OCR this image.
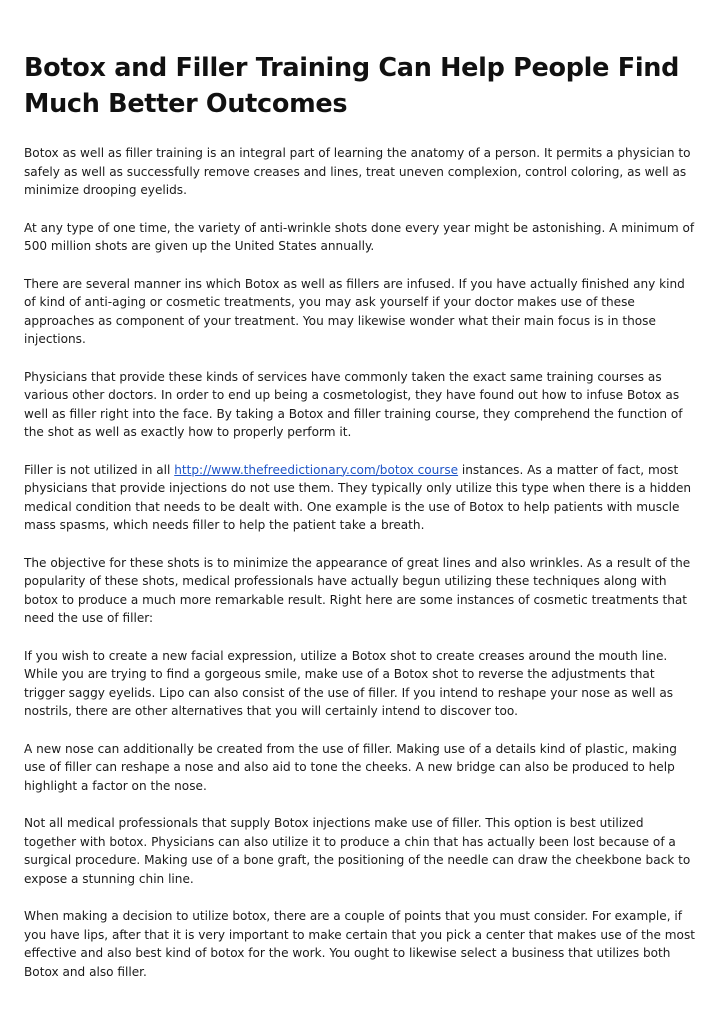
Botox and Filler Training Can Help People Find Much Better Outcomes

Botox as well as filler training is an integral part of learning the anatomy of a person. It permits a physician to safely as well as successfully remove creases and lines, treat uneven complexion, control coloring, as well as minimize drooping eyelids.

At any type of one time, the variety of anti-wrinkle shots done every year might be astonishing. A minimum of 500 million shots are given up the United States annually.

There are several manner ins which Botox as well as fillers are infused. If you have actually finished any kind of kind of anti-aging or cosmetic treatments, you may ask yourself if your doctor makes use of these approaches as component of your treatment. You may likewise wonder what their main focus is in those injections.

Physicians that provide these kinds of services have commonly taken the exact same training courses as various other doctors. In order to end up being a cosmetologist, they have found out how to infuse Botox as well as filler right into the face. By taking a Botox and filler training course, they comprehend the function of the shot as well as exactly how to properly perform it.

Filler is not utilized in all http://www.thefreedictionary.com/botox course instances. As a matter of fact, most physicians that provide injections do not use them. They typically only utilize this type when there is a hidden medical condition that needs to be dealt with. One example is the use of Botox to help patients with muscle mass spasms, which needs filler to help the patient take a breath.

The objective for these shots is to minimize the appearance of great lines and also wrinkles. As a result of the popularity of these shots, medical professionals have actually begun utilizing these techniques along with botox to produce a much more remarkable result. Right here are some instances of cosmetic treatments that need the use of filler:

If you wish to create a new facial expression, utilize a Botox shot to create creases around the mouth line. While you are trying to find a gorgeous smile, make use of a Botox shot to reverse the adjustments that trigger saggy eyelids. Lipo can also consist of the use of filler. If you intend to reshape your nose as well as nostrils, there are other alternatives that you will certainly intend to discover too.

A new nose can additionally be created from the use of filler. Making use of a details kind of plastic, making use of filler can reshape a nose and also aid to tone the cheeks. A new bridge can also be produced to help highlight a factor on the nose.

Not all medical professionals that supply Botox injections make use of filler. This option is best utilized together with botox. Physicians can also utilize it to produce a chin that has actually been lost because of a surgical procedure. Making use of a bone graft, the positioning of the needle can draw the cheekbone back to expose a stunning chin line.

When making a decision to utilize botox, there are a couple of points that you must consider. For example, if you have lips, after that it is very important to make certain that you pick a center that makes use of the most effective and also best kind of botox for the work. You ought to likewise select a business that utilizes both Botox and also filler.
